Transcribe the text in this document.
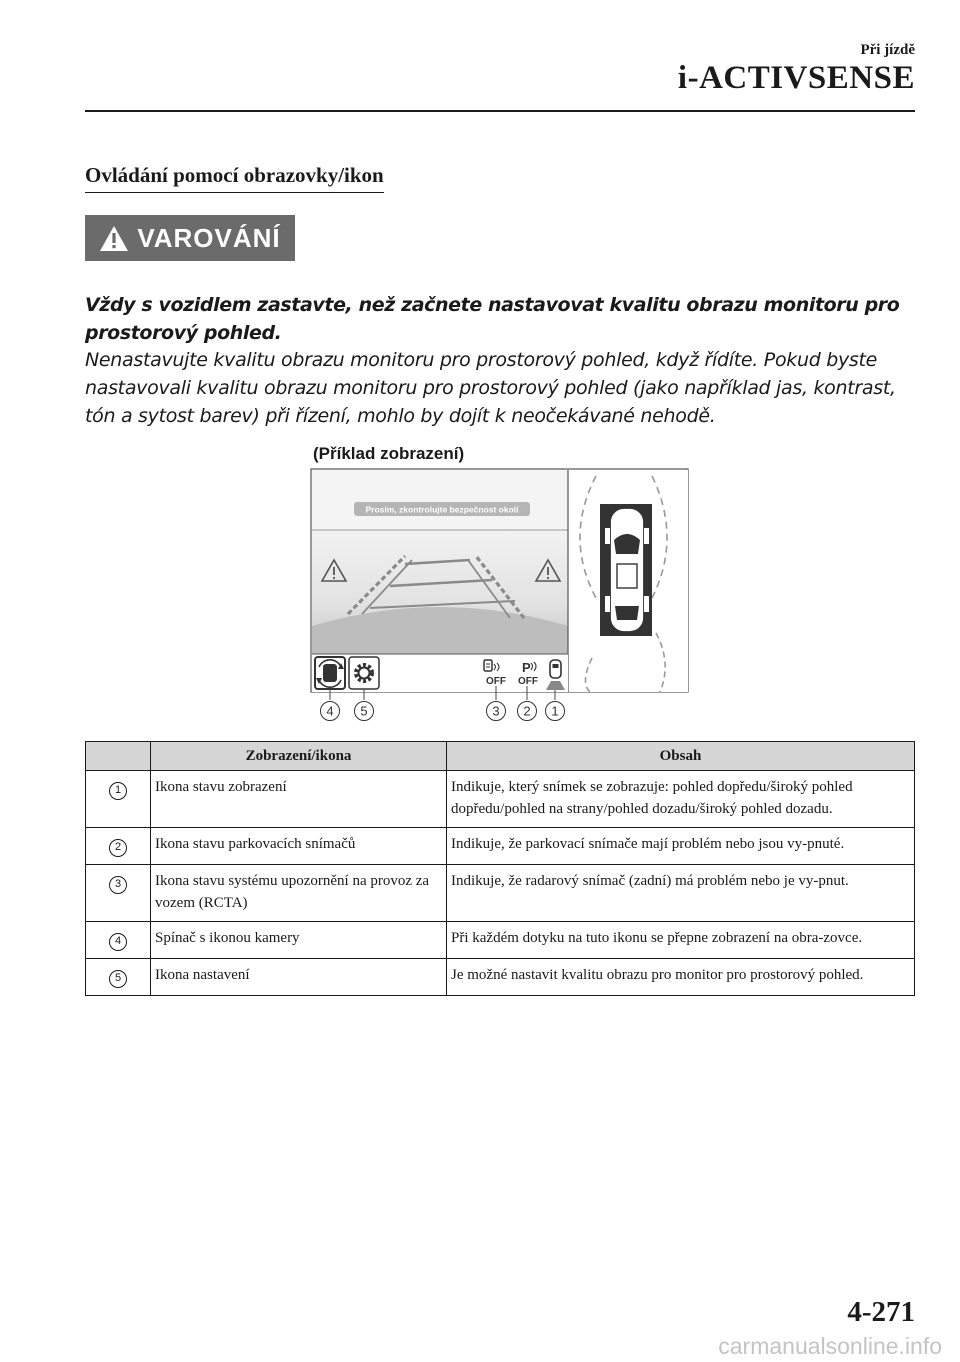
Při jízdě
i-ACTIVSENSE
Ovládání pomocí obrazovky/ikon
VAROVÁNÍ
Vždy s vozidlem zastavte, než začnete nastavovat kvalitu obrazu monitoru pro prostorový pohled.
Nenastavujte kvalitu obrazu monitoru pro prostorový pohled, když řídíte. Pokud byste nastavovali kvalitu obrazu monitoru pro prostorový pohled (jako například jas, kontrast, tón a sytost barev) při řízení, mohlo by dojít k neočekávané nehodě.
(Příklad zobrazení)
Prosím, zkontrolujte bezpečnost okolí
OFF
P
OFF
4 5	3 2 1
	Zobrazení/ikona	Obsah
1	Ikona stavu zobrazení	Indikuje, který snímek se zobrazuje: pohled dopředu/široký pohled dopředu/pohled na strany/pohled dozadu/široký pohled dozadu.
2	Ikona stavu parkovacích snímačů	Indikuje, že parkovací snímače mají problém nebo jsou vy-pnuté.
3	Ikona stavu systému upozornění na provoz za vozem (RCTA)	Indikuje, že radarový snímač (zadní) má problém nebo je vy-pnut.
4	Spínač s ikonou kamery	Při každém dotyku na tuto ikonu se přepne zobrazení na obra-zovce.
5	Ikona nastavení	Je možné nastavit kvalitu obrazu pro monitor pro prostorový pohled.
4-271
carmanualsonline.info
